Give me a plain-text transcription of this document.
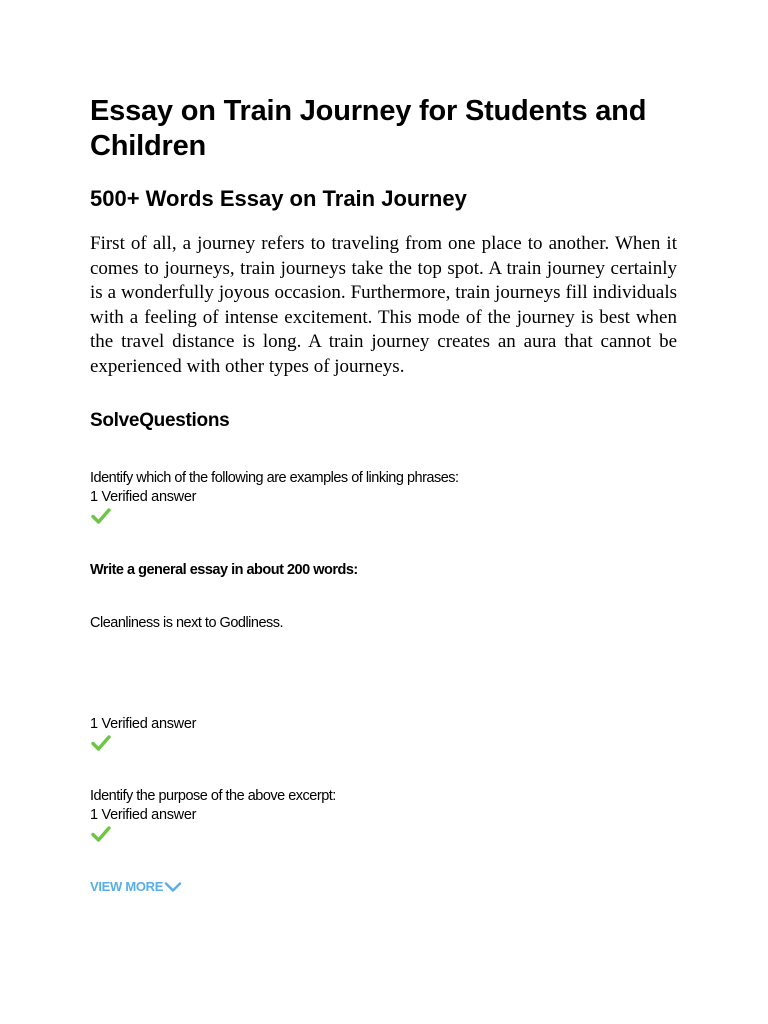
Essay on Train Journey for Students and Children
500+ Words Essay on Train Journey

First of all, a journey refers to traveling from one place to another. When it comes to journeys, train journeys take the top spot. A train journey certainly is a wonderfully joyous occasion. Furthermore, train journeys fill individuals with a feeling of intense excitement. This mode of the journey is best when the travel distance is long. A train journey creates an aura that cannot be experienced with other types of journeys.

SolveQuestions

Identify which of the following are examples of linking phrases:

1 Verified answer

Write a general essay in about 200 words:

Cleanliness is next to Godliness.

1 Verified answer

Identify the purpose of the above excerpt:

1 Verified answer

VIEW MORE
